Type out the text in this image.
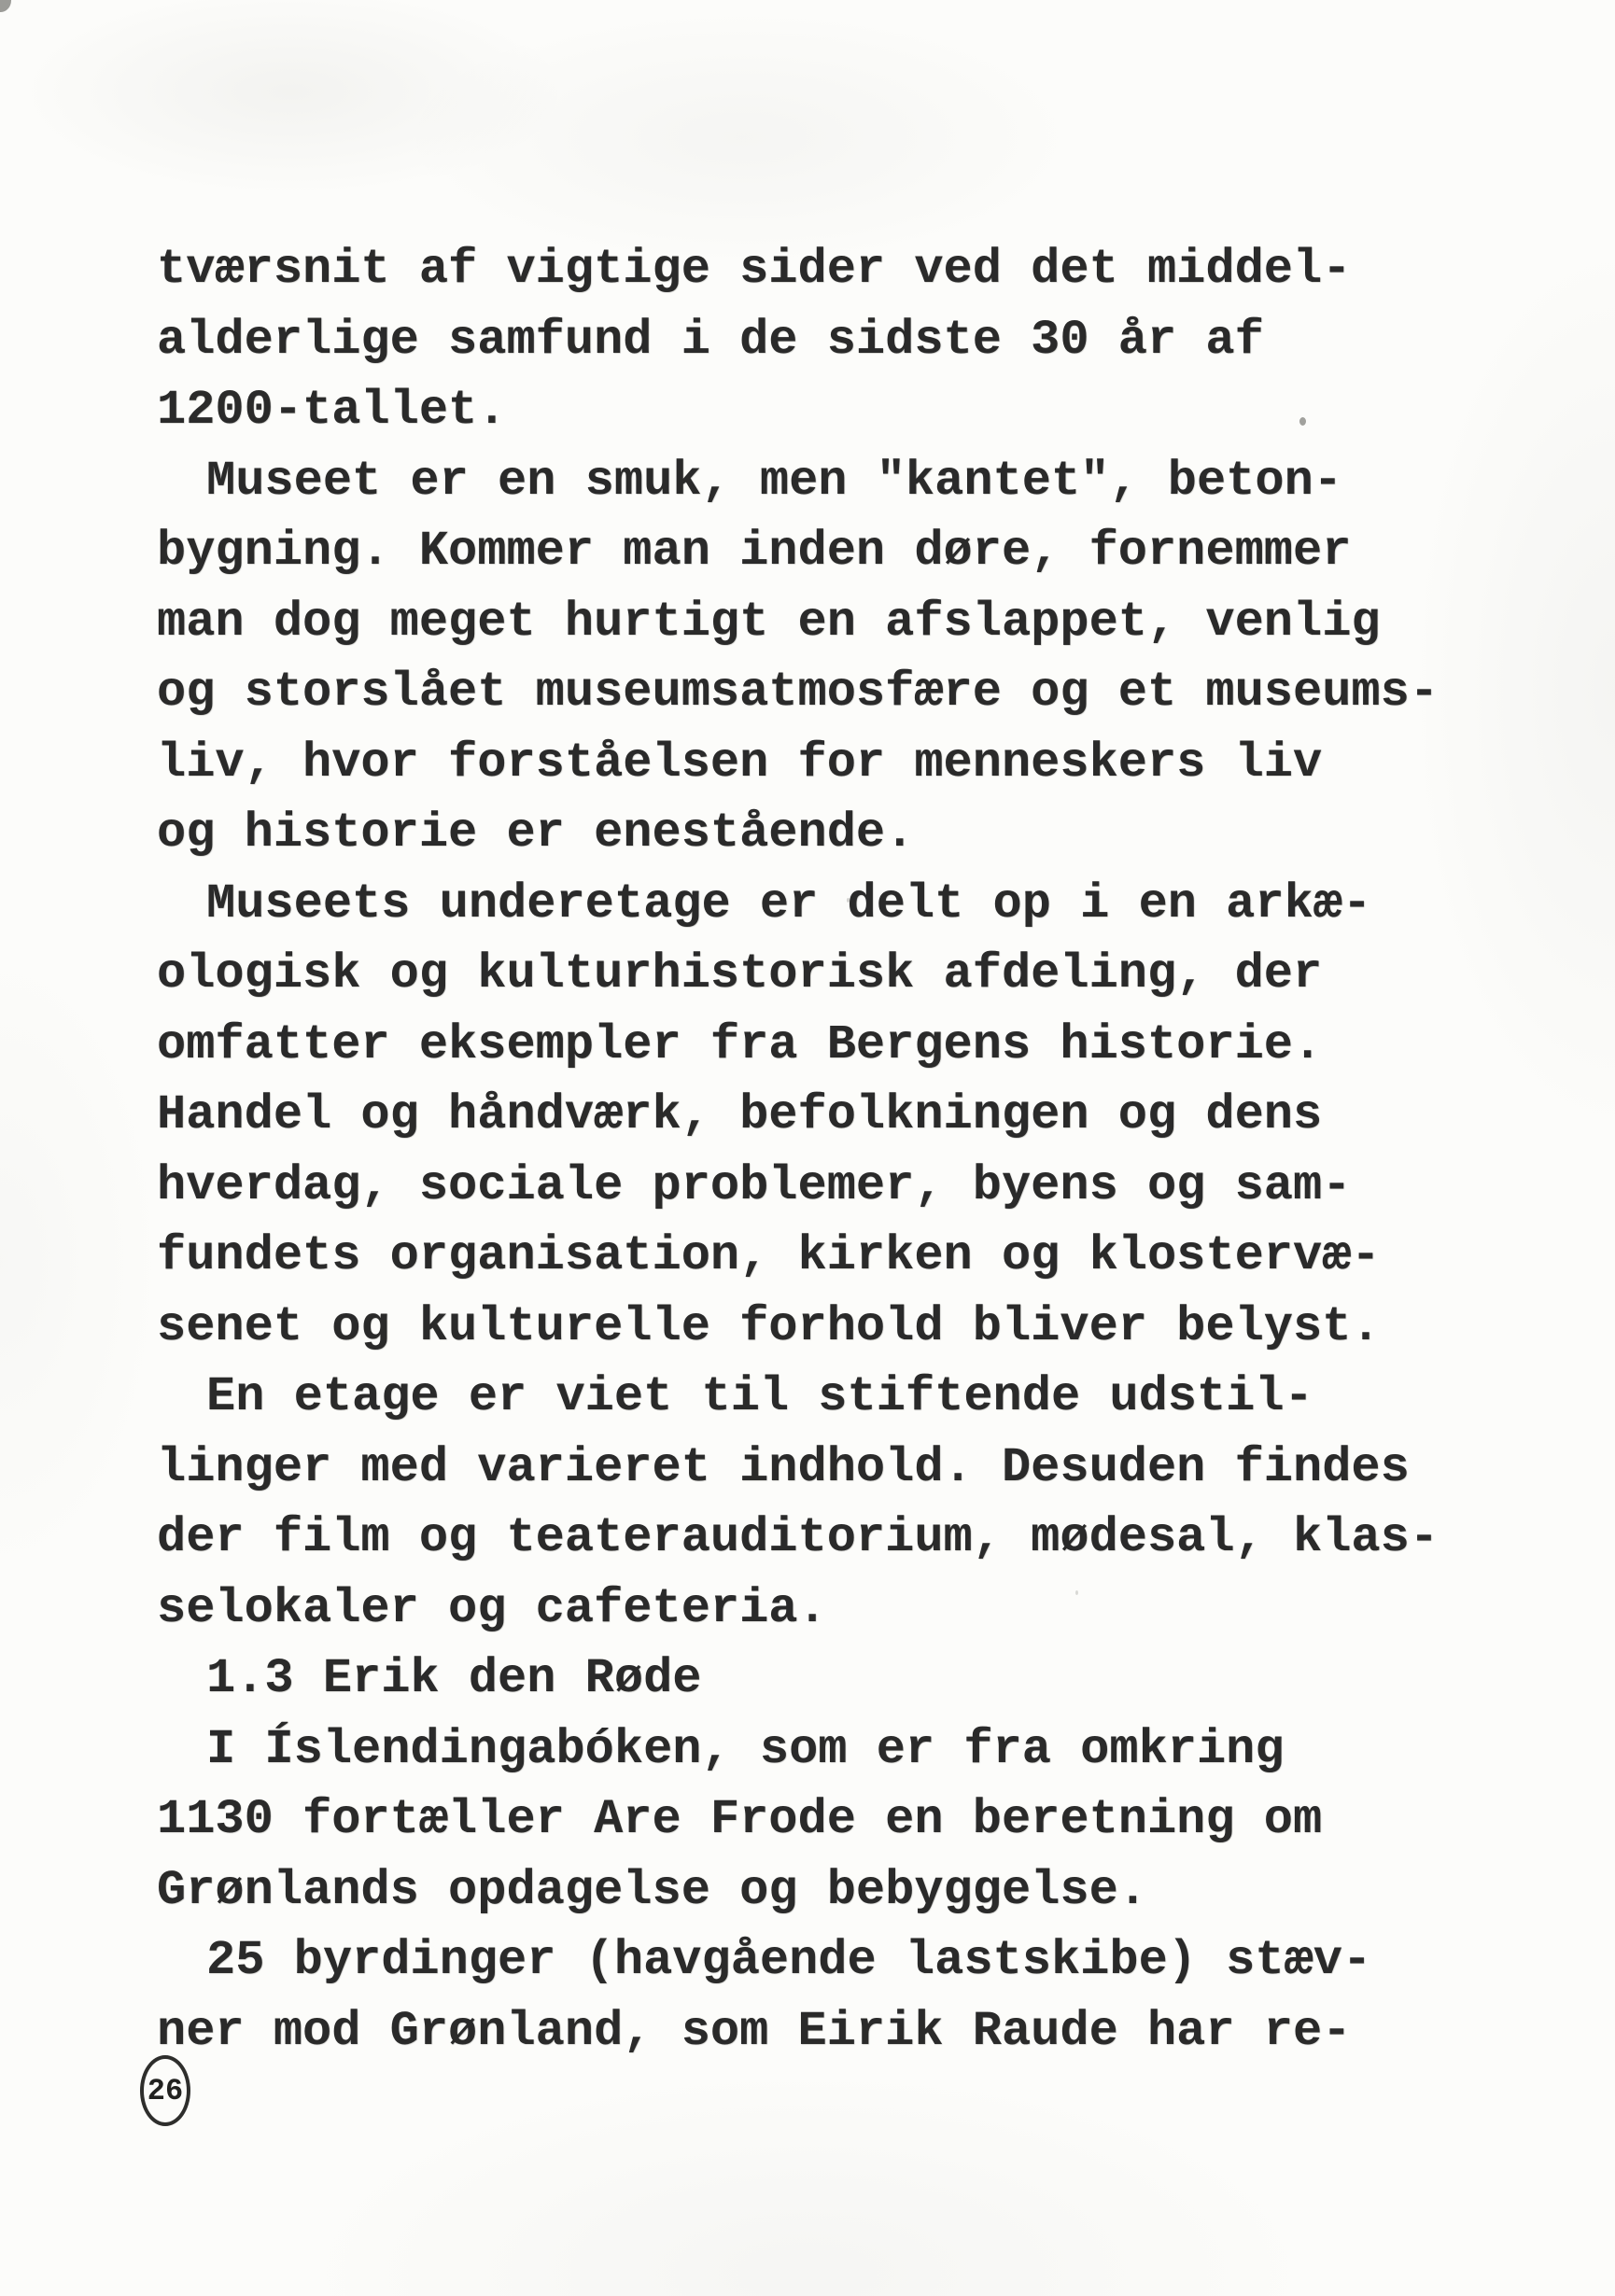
tværsnit af vigtige sider ved det middel-
alderlige samfund i de sidste 30 år af
1200-tallet.
Museet er en smuk, men "kantet", beton-
bygning. Kommer man inden døre, fornemmer
man dog meget hurtigt en afslappet, venlig
og storslået museumsatmosfære og et museums-
liv, hvor forståelsen for menneskers liv
og historie er enestående.
Museets underetage er delt op i en arkæ-
ologisk og kulturhistorisk afdeling, der
omfatter eksempler fra Bergens historie.
Handel og håndværk, befolkningen og dens
hverdag, sociale problemer, byens og sam-
fundets organisation, kirken og klostervæ-
senet og kulturelle forhold bliver belyst.
En etage er viet til stiftende udstil-
linger med varieret indhold. Desuden findes
der film og teaterauditorium, mødesal, klas-
selokaler og cafeteria.
1.3 Erik den Røde
I Íslendingabóken, som er fra omkring
1130 fortæller Are Frode en beretning om
Grønlands opdagelse og bebyggelse.
25 byrdinger (havgående lastskibe) stæv-
ner mod Grønland, som Eirik Raude har re-
26
